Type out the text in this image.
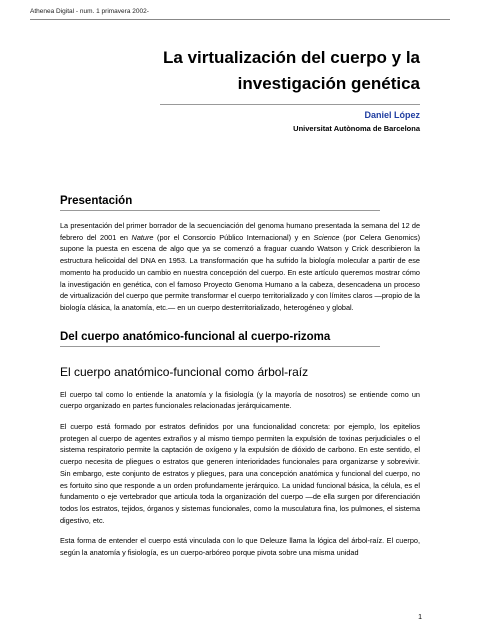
Athenea Digital - num. 1 primavera 2002-
La virtualización del cuerpo y la
investigación genética
Daniel López
Universitat Autònoma de Barcelona
Presentación

La presentación del primer borrador de la secuenciación del genoma humano presentada la semana del 12 de febrero del 2001 en Nature (por el Consorcio Público Internacional) y en Science (por Celera Genomics) supone la puesta en escena de algo que ya se comenzó a fraguar cuando Watson y Crick describieron la estructura helicoidal del DNA en 1953. La transformación que ha sufrido la biología molecular a partir de ese momento ha producido un cambio en nuestra concepción del cuerpo. En este artículo queremos mostrar cómo la investigación en genética, con el famoso Proyecto Genoma Humano a la cabeza, desencadena un proceso de virtualización del cuerpo que permite transformar el cuerpo territorializado y con límites claros —propio de la biología clásica, la anatomía, etc.— en un cuerpo desterritorializado, heterogéneo y global.

Del cuerpo anatómico-funcional al cuerpo-rizoma
El cuerpo anatómico-funcional como árbol-raíz

El cuerpo tal como lo entiende la anatomía y la fisiología (y la mayoría de nosotros) se entiende como un cuerpo organizado en partes funcionales relacionadas jerárquicamente.

El cuerpo está formado por estratos definidos por una funcionalidad concreta: por ejemplo, los epitelios protegen al cuerpo de agentes extraños y al mismo tiempo permiten la expulsión de toxinas perjudiciales o el sistema respiratorio permite la captación de oxígeno y la expulsión de dióxido de carbono. En este sentido, el cuerpo necesita de pliegues o estratos que generen interioridades funcionales para organizarse y sobrevivir. Sin embargo, este conjunto de estratos y pliegues, para una concepción anatómica y funcional del cuerpo, no es fortuito sino que responde a un orden profundamente jerárquico. La unidad funcional básica, la célula, es el fundamento o eje vertebrador que articula toda la organización del cuerpo —de ella surgen por diferenciación todos los estratos, tejidos, órganos y sistemas funcionales, como la musculatura fina, los pulmones, el sistema digestivo, etc.

Esta forma de entender el cuerpo está vinculada con lo que Deleuze llama la lógica del árbol-raíz. El cuerpo, según la anatomía y fisiología, es un cuerpo-arbóreo porque pivota sobre una misma unidad

1
